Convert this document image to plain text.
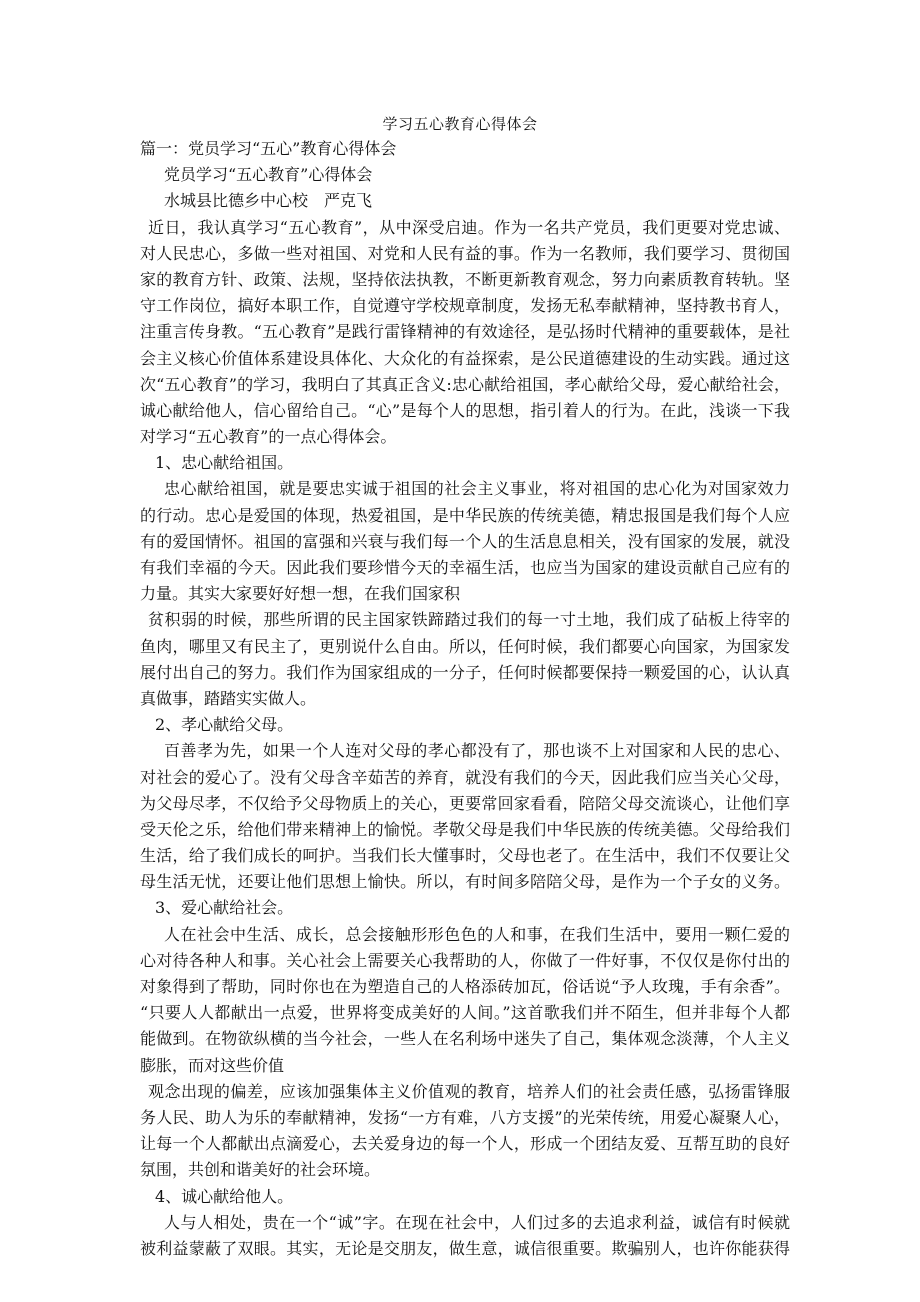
学习五心教育心得体会
篇一：党员学习“五心”教育心得体会
党员学习“五心教育”心得体会
水城县比德乡中心校　严克飞
近日，我认真学习“五心教育”，从中深受启迪。作为一名共产党员，我们更要对党忠诚、
对人民忠心，多做一些对祖国、对党和人民有益的事。作为一名教师，我们要学习、贯彻国
家的教育方针、政策、法规，坚持依法执教，不断更新教育观念，努力向素质教育转轨。坚
守工作岗位，搞好本职工作，自觉遵守学校规章制度，发扬无私奉献精神，坚持教书育人，
注重言传身教。“五心教育”是践行雷锋精神的有效途径，是弘扬时代精神的重要载体，是社
会主义核心价值体系建设具体化、大众化的有益探索，是公民道德建设的生动实践。通过这
次“五心教育”的学习，我明白了其真正含义:忠心献给祖国，孝心献给父母，爱心献给社会，
诚心献给他人，信心留给自己。“心”是每个人的思想，指引着人的行为。在此，浅谈一下我
对学习“五心教育”的一点心得体会。
1、忠心献给祖国。
忠心献给祖国，就是要忠实诚于祖国的社会主义事业，将对祖国的忠心化为对国家效力
的行动。忠心是爱国的体现，热爱祖国，是中华民族的传统美德，精忠报国是我们每个人应
有的爱国情怀。祖国的富强和兴衰与我们每一个人的生活息息相关，没有国家的发展，就没
有我们幸福的今天。因此我们要珍惜今天的幸福生活，也应当为国家的建设贡献自己应有的
力量。其实大家要好好想一想，在我们国家积
贫积弱的时候，那些所谓的民主国家铁蹄踏过我们的每一寸土地，我们成了砧板上待宰的
鱼肉，哪里又有民主了，更别说什么自由。所以，任何时候，我们都要心向国家，为国家发
展付出自己的努力。我们作为国家组成的一分子，任何时候都要保持一颗爱国的心，认认真
真做事，踏踏实实做人。
2、孝心献给父母。
百善孝为先，如果一个人连对父母的孝心都没有了，那也谈不上对国家和人民的忠心、
对社会的爱心了。没有父母含辛茹苦的养育，就没有我们的今天，因此我们应当关心父母，
为父母尽孝，不仅给予父母物质上的关心，更要常回家看看，陪陪父母交流谈心，让他们享
受天伦之乐，给他们带来精神上的愉悦。孝敬父母是我们中华民族的传统美德。父母给我们
生活，给了我们成长的呵护。当我们长大懂事时，父母也老了。在生活中，我们不仅要让父
母生活无忧，还要让他们思想上愉快。所以，有时间多陪陪父母，是作为一个子女的义务。
3、爱心献给社会。
人在社会中生活、成长，总会接触形形色色的人和事，在我们生活中，要用一颗仁爱的
心对待各种人和事。关心社会上需要关心我帮助的人，你做了一件好事，不仅仅是你付出的
对象得到了帮助，同时你也在为塑造自己的人格添砖加瓦，俗话说“予人玫瑰，手有余香”。
“只要人人都献出一点爱，世界将变成美好的人间。”这首歌我们并不陌生，但并非每个人都
能做到。在物欲纵横的当今社会，一些人在名利场中迷失了自己，集体观念淡薄，个人主义
膨胀，而对这些价值
观念出现的偏差，应该加强集体主义价值观的教育，培养人们的社会责任感，弘扬雷锋服
务人民、助人为乐的奉献精神，发扬“一方有难，八方支援”的光荣传统，用爱心凝聚人心，
让每一个人都献出点滴爱心，去关爱身边的每一个人，形成一个团结友爱、互帮互助的良好
氛围，共创和谐美好的社会环境。
4、诚心献给他人。
人与人相处，贵在一个“诚”字。在现在社会中，人们过多的去追求利益，诚信有时候就
被利益蒙蔽了双眼。其实，无论是交朋友，做生意，诚信很重要。欺骗别人，也许你能获得
